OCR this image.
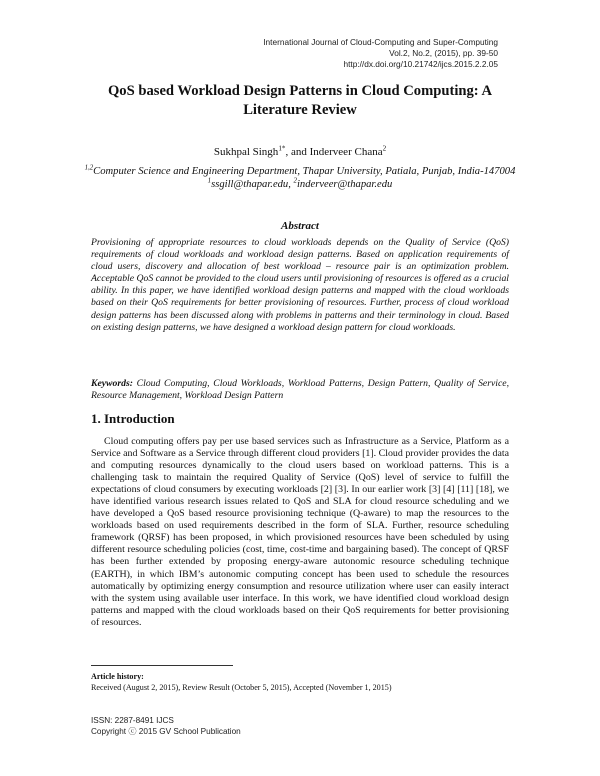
International Journal of Cloud-Computing and Super-Computing
Vol.2, No.2, (2015), pp. 39-50
http://dx.doi.org/10.21742/ijcs.2015.2.2.05
QoS based Workload Design Patterns in Cloud Computing: A Literature Review
Sukhpal Singh$^{1*}$, and Inderveer Chana$^2$
$^{1,2}$Computer Science and Engineering Department, Thapar University, Patiala, Punjab, India-147004
$^1$ssgill@thapar.edu, $^2$inderveer@thapar.edu
Abstract
Provisioning of appropriate resources to cloud workloads depends on the Quality of Service (QoS) requirements of cloud workloads and workload design patterns. Based on application requirements of cloud users, discovery and allocation of best workload – resource pair is an optimization problem. Acceptable QoS cannot be provided to the cloud users until provisioning of resources is offered as a crucial ability. In this paper, we have identified workload design patterns and mapped with the cloud workloads based on their QoS requirements for better provisioning of resources. Further, process of cloud workload design patterns has been discussed along with problems in patterns and their terminology in cloud. Based on existing design patterns, we have designed a workload design pattern for cloud workloads.
Keywords: Cloud Computing, Cloud Workloads, Workload Patterns, Design Pattern, Quality of Service, Resource Management, Workload Design Pattern
1. Introduction
Cloud computing offers pay per use based services such as Infrastructure as a Service, Platform as a Service and Software as a Service through different cloud providers [1]. Cloud provider provides the data and computing resources dynamically to the cloud users based on workload patterns. This is a challenging task to maintain the required Quality of Service (QoS) level of service to fulfill the expectations of cloud consumers by executing workloads [2] [3]. In our earlier work [3] [4] [11] [18], we have identified various research issues related to QoS and SLA for cloud resource scheduling and we have developed a QoS based resource provisioning technique (Q-aware) to map the resources to the workloads based on used requirements described in the form of SLA. Further, resource scheduling framework (QRSF) has been proposed, in which provisioned resources have been scheduled by using different resource scheduling policies (cost, time, cost-time and bargaining based). The concept of QRSF has been further extended by proposing energy-aware autonomic resource scheduling technique (EARTH), in which IBM’s autonomic computing concept has been used to schedule the resources automatically by optimizing energy consumption and resource utilization where user can easily interact with the system using available user interface. In this work, we have identified cloud workload design patterns and mapped with the cloud workloads based on their QoS requirements for better provisioning of resources.
Article history:
Received (August 2, 2015), Review Result (October 5, 2015), Accepted (November 1, 2015)
ISSN: 2287-8491 IJCS
Copyright ⓒ 2015 GV School Publication
